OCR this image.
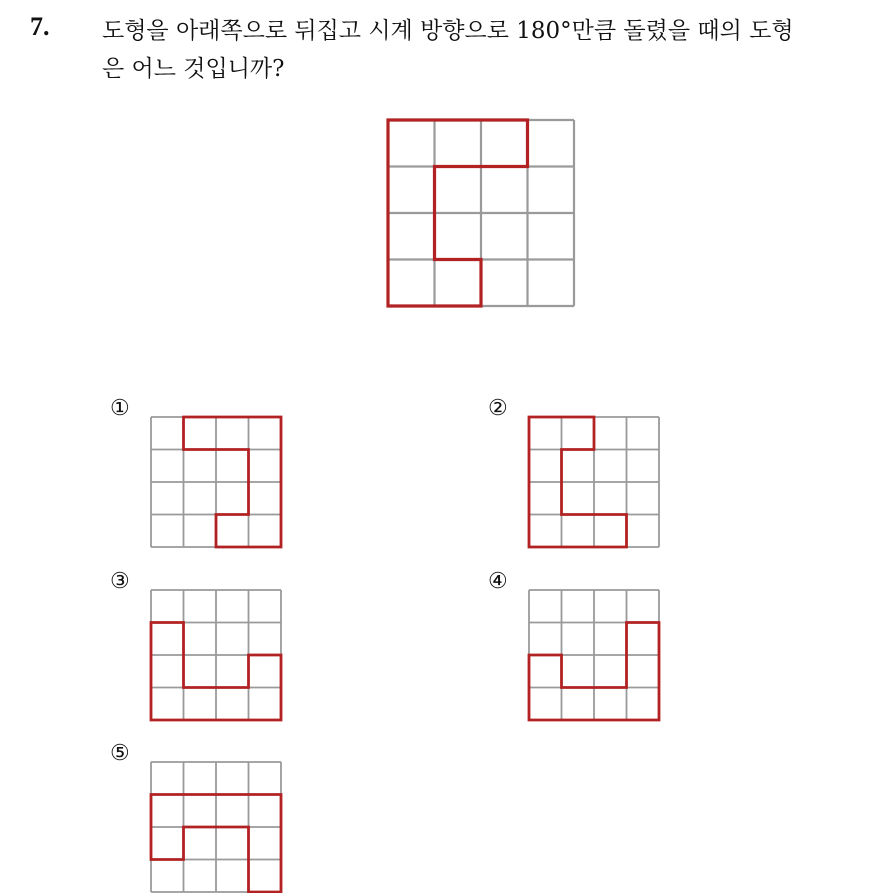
7. 도형을 아래쪽으로 뒤집고 시계 방향으로 180°만큼 돌렸을 때의 도형
은 어느 것입니까?
①	②
③	④
⑤
